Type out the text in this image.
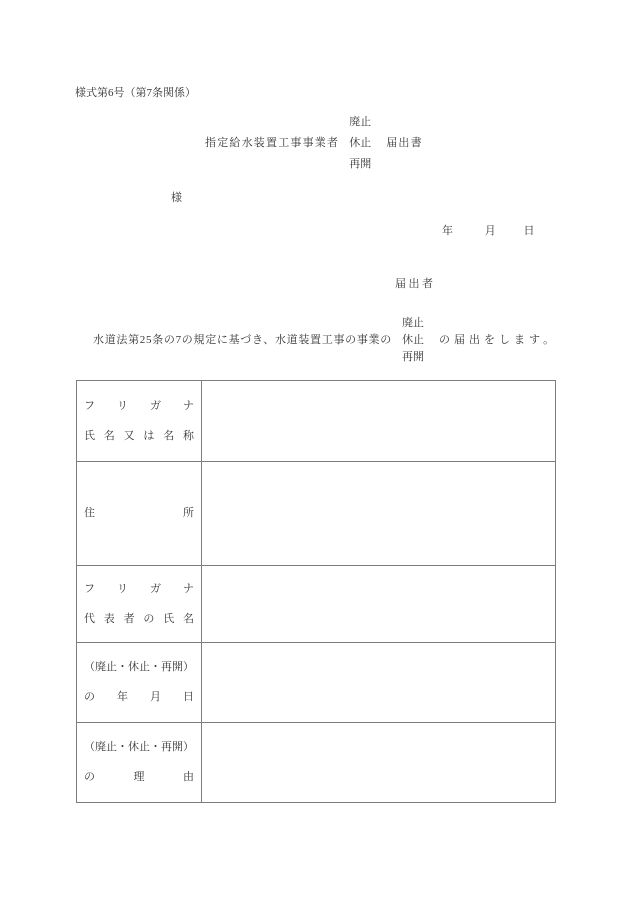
様式第6号（第7条関係）
指定給水装置工事事業者
廃止
休止
再開
届出書
様
年	月	日
届出者
水道法第25条の7の規定に基づき、水道装置工事の事業の
廃止
休止
再開
の届出をします。
フ リ ガ ナ
氏 名 又 は 名 称
住	所
フ リ ガ ナ
代 表 者 の 氏 名
（ 廃 止 ・ 休 止 ・ 再 開 ）
の 年 月 日
（ 廃 止 ・ 休 止 ・ 再 開 ）
の	理	由
